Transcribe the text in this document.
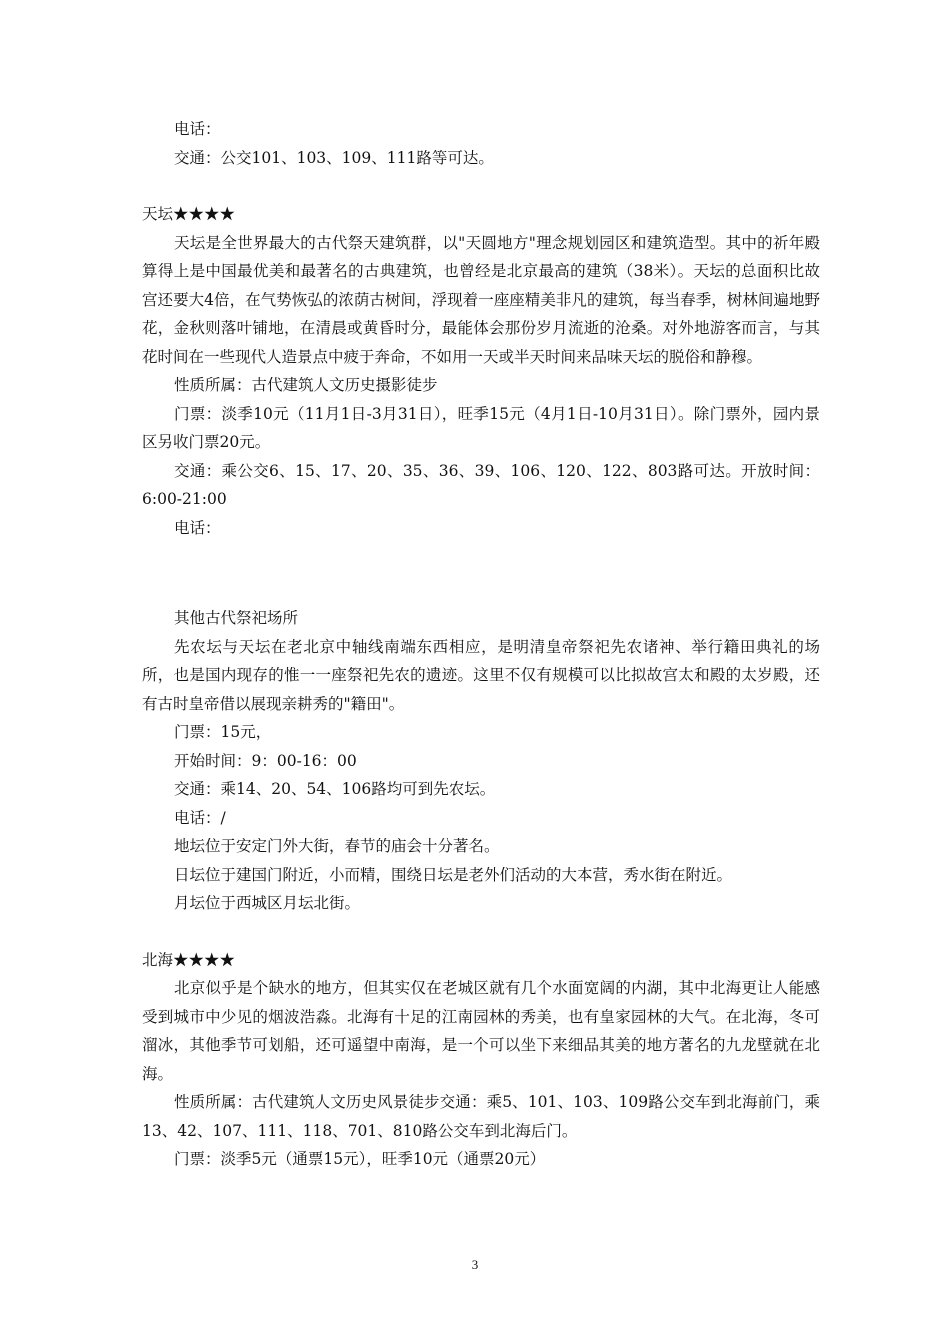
电话：

交通：公交101、103、109、111路等可达。

天坛★★★★

天坛是全世界最大的古代祭天建筑群，以"天圆地方"理念规划园区和建筑造型。其中的祈年殿算得上是中国最优美和最著名的古典建筑，也曾经是北京最高的建筑（38米）。天坛的总面积比故宫还要大4倍，在气势恢弘的浓荫古树间，浮现着一座座精美非凡的建筑，每当春季，树林间遍地野花，金秋则落叶铺地，在清晨或黄昏时分，最能体会那份岁月流逝的沧桑。对外地游客而言，与其花时间在一些现代人造景点中疲于奔命，不如用一天或半天时间来品味天坛的脱俗和静穆。

性质所属：古代建筑人文历史摄影徒步

门票：淡季10元（11月1日-3月31日），旺季15元（4月1日-10月31日）。除门票外，园内景区另收门票20元。

交通：乘公交6、15、17、20、35、36、39、106、120、122、803路可达。开放时间：6:00-21:00

电话：

其他古代祭祀场所

先农坛与天坛在老北京中轴线南端东西相应，是明清皇帝祭祀先农诸神、举行籍田典礼的场所，也是国内现存的惟一一座祭祀先农的遗迹。这里不仅有规模可以比拟故宫太和殿的太岁殿，还有古时皇帝借以展现亲耕秀的"籍田"。

门票：15元，

开始时间：9：00-16：00

交通：乘14、20、54、106路均可到先农坛。

电话：/

地坛位于安定门外大街，春节的庙会十分著名。

日坛位于建国门附近，小而精，围绕日坛是老外们活动的大本营，秀水街在附近。

月坛位于西城区月坛北街。

北海★★★★

北京似乎是个缺水的地方，但其实仅在老城区就有几个水面宽阔的内湖，其中北海更让人能感受到城市中少见的烟波浩淼。北海有十足的江南园林的秀美，也有皇家园林的大气。在北海，冬可溜冰，其他季节可划船，还可遥望中南海，是一个可以坐下来细品其美的地方著名的九龙壁就在北海。

性质所属：古代建筑人文历史风景徒步交通：乘5、101、103、109路公交车到北海前门，乘13、42、107、111、118、701、810路公交车到北海后门。

门票：淡季5元（通票15元），旺季10元（通票20元）

3
